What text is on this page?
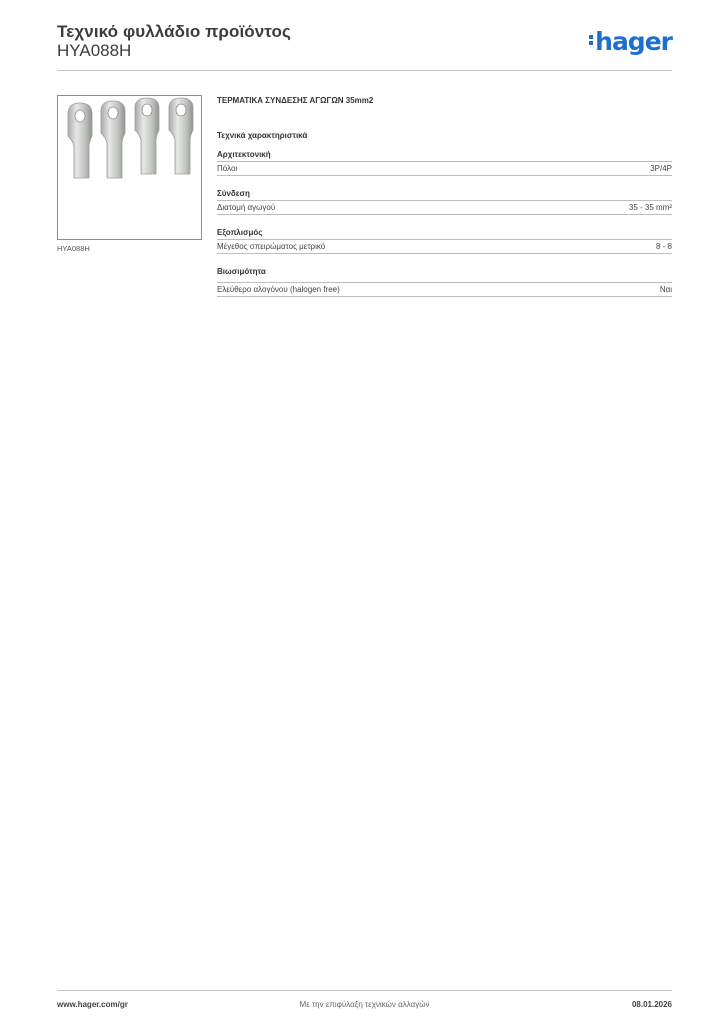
Τεχνικό φυλλάδιο προϊόντος
HYA088H	hager
HYA088H
ΤΕΡΜΑΤΙΚΑ ΣΥΝΔΕΣΗΣ ΑΓΩΓΩΝ 35mm2
Τεχνικά χαρακτηριστικά
Αρχιτεκτονική
Πόλοι	3P/4P
Σύνδεση
Διατομή αγωγού	35 - 35 mm²
Εξοπλισμός
Μέγεθος σπειρώματος μετρικό	8 - 8
Βιωσιμότητα
Ελεύθερο αλογόνου (halogen free)	Ναι
www.hager.com/gr	Με την επιφύλαξη τεχνικών αλλαγών	08.01.2026
